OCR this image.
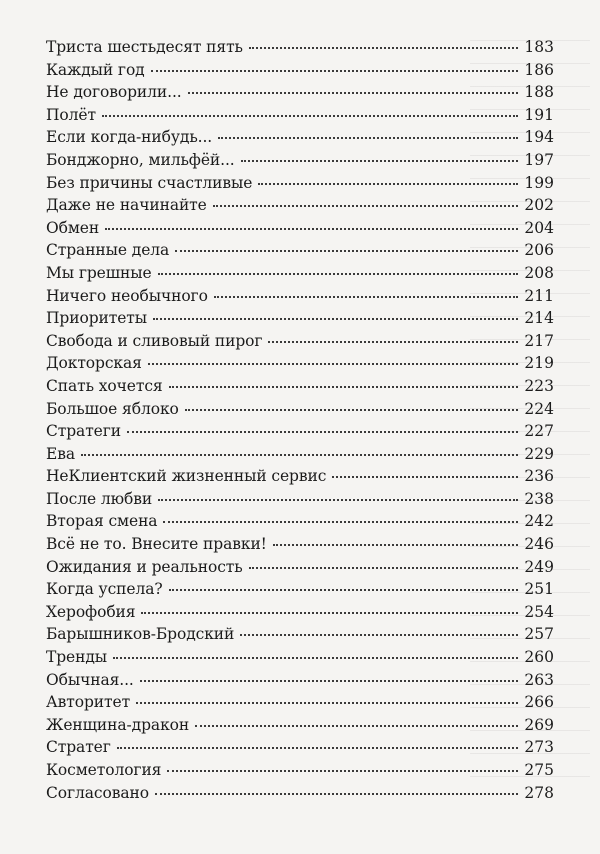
Триста шестьдесят пять	183
Каждый год	186
Не договорили...	188
Полёт	191
Если когда-нибудь...	194
Бонджорно, мильфёй...	197
Без причины счастливые	199
Даже не начинайте	202
Обмен	204
Странные дела	206
Мы грешные	208
Ничего необычного	211
Приоритеты	214
Свобода и сливовый пирог	217
Докторская	219
Спать хочется	223
Большое яблоко	224
Стратеги	227
Ева	229
НеКлиентский жизненный сервис	236
После любви	238
Вторая смена	242
Всё не то. Внесите правки!	246
Ожидания и реальность	249
Когда успела?	251
Херофобия	254
Барышников-Бродский	257
Тренды	260
Обычная...	263
Авторитет	266
Женщина-дракон	269
Стратег	273
Косметология	275
Согласовано	278
